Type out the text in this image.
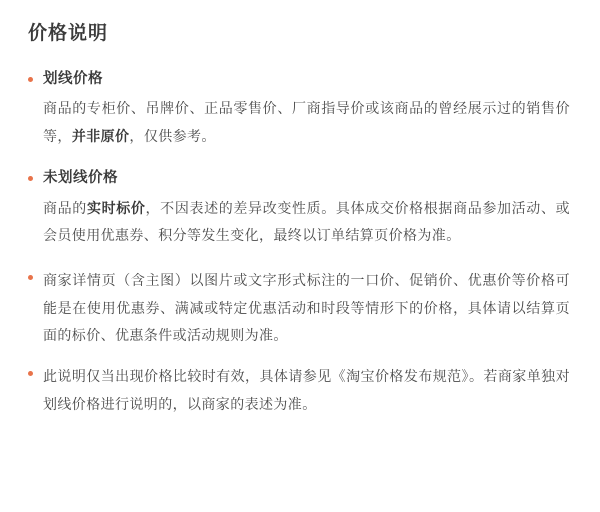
价格说明
划线价格
商品的专柜价、吊牌价、正品零售价、厂商指导价或该商品的曾经展示过的销售价等，并非原价，仅供参考。
未划线价格
商品的实时标价，不因表述的差异改变性质。具体成交价格根据商品参加活动、或会员使用优惠券、积分等发生变化，最终以订单结算页价格为准。
商家详情页（含主图）以图片或文字形式标注的一口价、促销价、优惠价等价格可能是在使用优惠券、满减或特定优惠活动和时段等情形下的价格，具体请以结算页面的标价、优惠条件或活动规则为准。
此说明仅当出现价格比较时有效，具体请参见《淘宝价格发布规范》。若商家单独对划线价格进行说明的，以商家的表述为准。
